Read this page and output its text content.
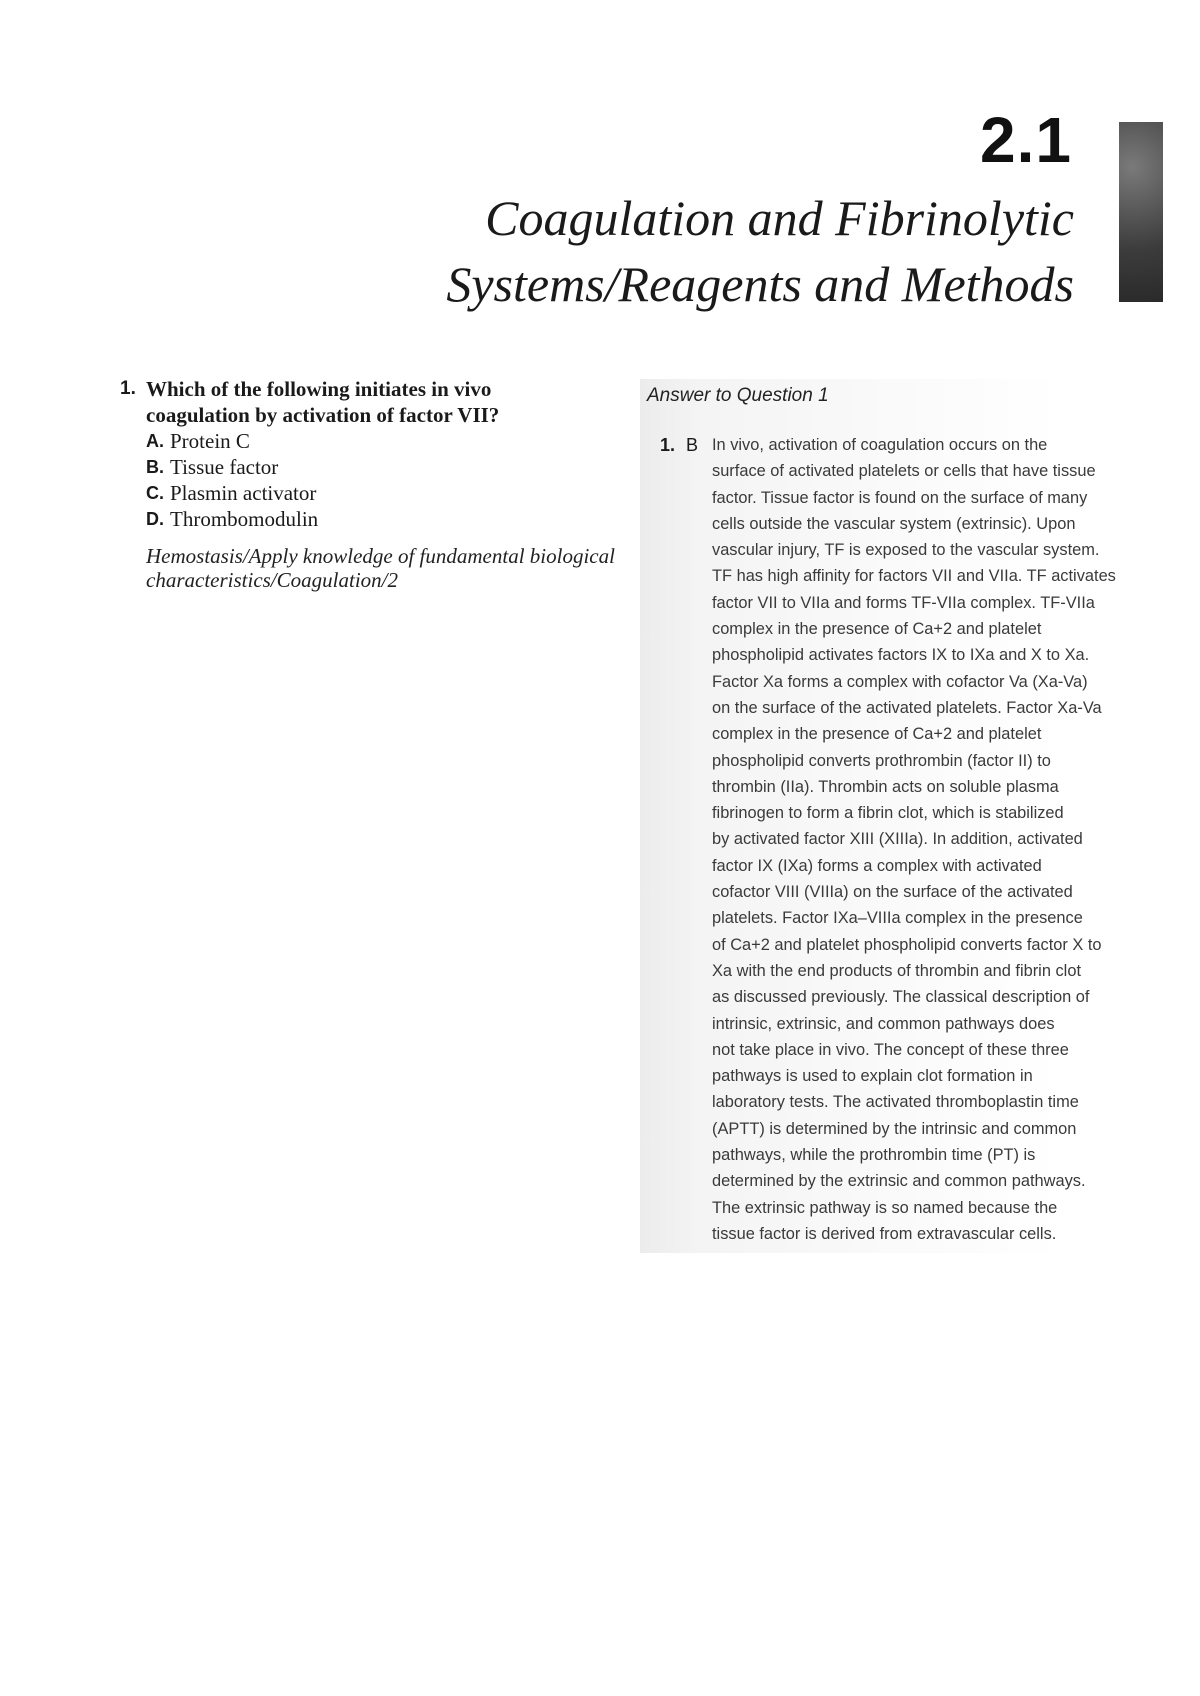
2.1
Coagulation and Fibrinolytic
Systems/Reagents and Methods
1. Which of the following initiates in vivo
coagulation by activation of factor VII?
A. Protein C
B. Tissue factor
C. Plasmin activator
D. Thrombomodulin
Hemostasis/Apply knowledge of fundamental biological
characteristics/Coagulation/2
Answer to Question 1
1. B In vivo, activation of coagulation occurs on the
surface of activated platelets or cells that have tissue
factor. Tissue factor is found on the surface of many
cells outside the vascular system (extrinsic). Upon
vascular injury, TF is exposed to the vascular system.
TF has high affinity for factors VII and VIIa. TF activates
factor VII to VIIa and forms TF-VIIa complex. TF-VIIa
complex in the presence of Ca+2 and platelet
phospholipid activates factors IX to IXa and X to Xa.
Factor Xa forms a complex with cofactor Va (Xa-Va)
on the surface of the activated platelets. Factor Xa-Va
complex in the presence of Ca+2 and platelet
phospholipid converts prothrombin (factor II) to
thrombin (IIa). Thrombin acts on soluble plasma
fibrinogen to form a fibrin clot, which is stabilized
by activated factor XIII (XIIIa). In addition, activated
factor IX (IXa) forms a complex with activated
cofactor VIII (VIIIa) on the surface of the activated
platelets. Factor IXa–VIIIa complex in the presence
of Ca+2 and platelet phospholipid converts factor X to
Xa with the end products of thrombin and fibrin clot
as discussed previously. The classical description of
intrinsic, extrinsic, and common pathways does
not take place in vivo. The concept of these three
pathways is used to explain clot formation in
laboratory tests. The activated thromboplastin time
(APTT) is determined by the intrinsic and common
pathways, while the prothrombin time (PT) is
determined by the extrinsic and common pathways.
The extrinsic pathway is so named because the
tissue factor is derived from extravascular cells.
